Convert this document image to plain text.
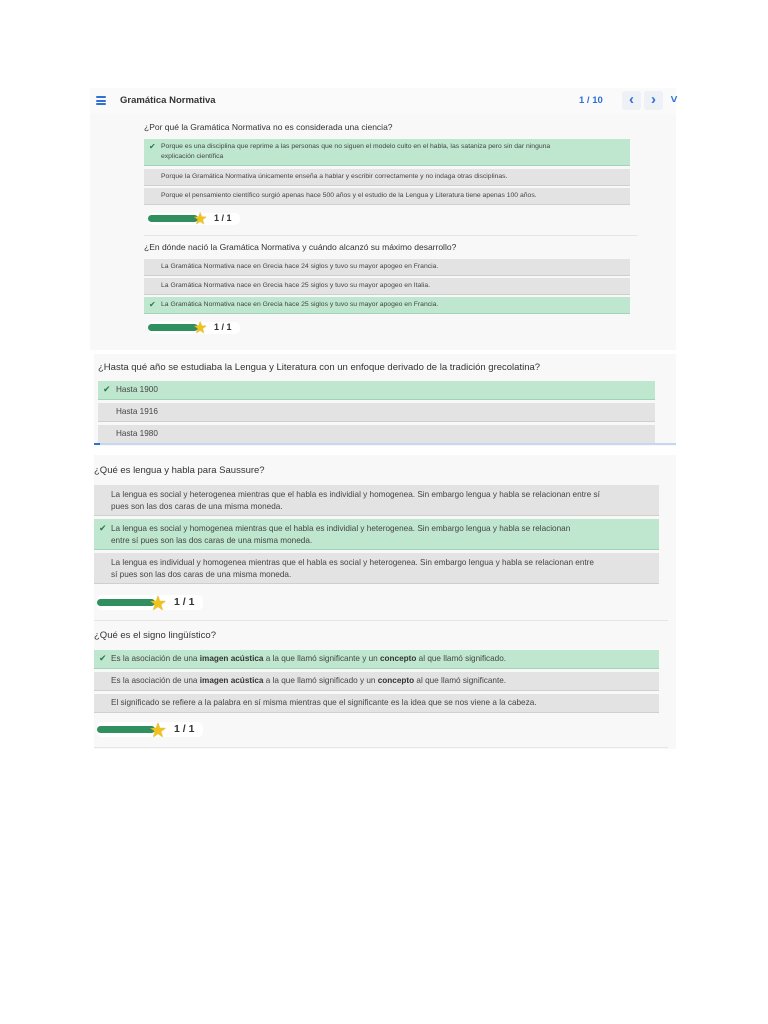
Gramática Normativa	1 / 10	‹	›	˅
¿Por qué la Gramática Normativa no es considerada una ciencia?
✔ Porque es una disciplina que reprime a las personas que no siguen el modelo culto en el habla, las sataniza pero sin dar ninguna
explicación científica
Porque la Gramática Normativa únicamente enseña a hablar y escribir correctamente y no indaga otras disciplinas.
Porque el pensamiento científico surgió apenas hace 500 años y el estudio de la Lengua y Literatura tiene apenas 100 años.
★ 1 / 1
¿En dónde nació la Gramática Normativa y cuándo alcanzó su máximo desarrollo?
La Gramática Normativa nace en Grecia hace 24 siglos y tuvo su mayor apogeo en Francia.
La Gramática Normativa nace en Grecia hace 25 siglos y tuvo su mayor apogeo en Italia.
✔ La Gramática Normativa nace en Grecia hace 25 siglos y tuvo su mayor apogeo en Francia.
★ 1 / 1
¿Hasta qué año se estudiaba la Lengua y Literatura con un enfoque derivado de la tradición grecolatina?
✔ Hasta 1900
Hasta 1916
Hasta 1980
¿Qué es lengua y habla para Saussure?
La lengua es social y heterogenea mientras que el habla es individial y homogenea. Sin embargo lengua y habla se relacionan entre sí
pues son las dos caras de una misma moneda.
✔ La lengua es social y homogenea mientras que el habla es individial y heterogenea. Sin embargo lengua y habla se relacionan
entre sí pues son las dos caras de una misma moneda.
La lengua es individual y homogenea mientras que el habla es social y heterogenea. Sin embargo lengua y habla se relacionan entre
sí pues son las dos caras de una misma moneda.
★ 1 / 1
¿Qué es el signo lingüístico?
✔ Es la asociación de una imagen acústica a la que llamó significante y un concepto al que llamó significado.
Es la asociación de una imagen acústica a la que llamó significado y un concepto al que llamó significante.
El significado se refiere a la palabra en sí misma mientras que el significante es la idea que se nos viene a la cabeza.
★ 1 / 1
